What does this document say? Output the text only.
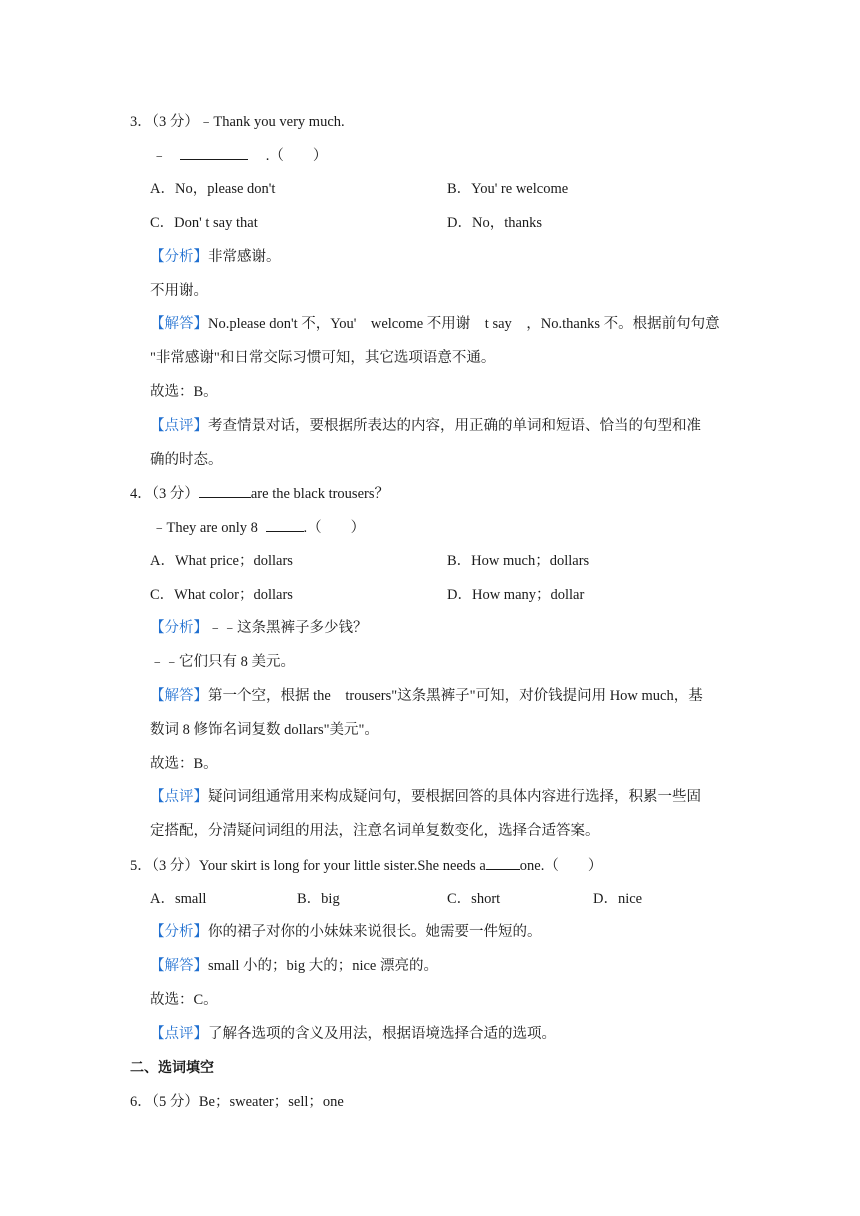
3．（3 分）﹣Thank you very much.
﹣	.（　　）
A．No，please don't	B．You' re welcome
C．Don' t say that	D．No，thanks
【分析】非常感谢。
不用谢。
【解答】No.please don't 不，You'　welcome 不用谢　t say　，No.thanks 不。根据前句句意
"非常感谢"和日常交际习惯可知，其它选项语意不通。
故选：B。
【点评】考查情景对话，要根据所表达的内容，用正确的单词和短语、恰当的句型和准
确的时态。
4．（3 分）	are the black trousers？
﹣They are only 8	.（　　）
A．What price；dollars	B．How much；dollars
C．What color；dollars	D．How many；dollar
【分析】﹣﹣这条黑裤子多少钱？
﹣﹣它们只有 8 美元。
【解答】第一个空，根据 the　trousers"这条黑裤子"可知，对价钱提问用 How much，基
数词 8 修饰名词复数 dollars"美元"。
故选：B。
【点评】疑问词组通常用来构成疑问句，要根据回答的具体内容进行选择，积累一些固
定搭配，分清疑问词组的用法，注意名词单复数变化，选择合适答案。
5．（3 分）Your skirt is long for your little sister.She needs a one.（　　）
A．small	B．big	C．short	D．nice
【分析】你的裙子对你的小妹妹来说很长。她需要一件短的。
【解答】small 小的；big 大的；nice 漂亮的。
故选：C。
【点评】了解各选项的含义及用法，根据语境选择合适的选项。
二、选词填空
6．（5 分）Be；sweater；sell；one
